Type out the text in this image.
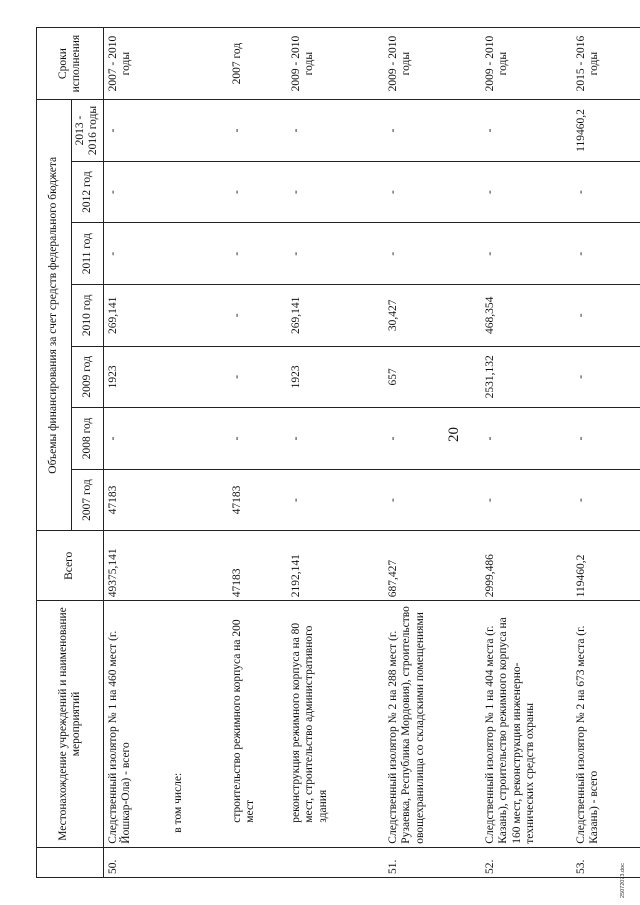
20
	Местонахождение учреждений и наименование мероприятий	Всего	Объемы финансирования за счет средств федерального бюджета							Сроки исполнения

			2007 год	2008 год	2009 год	2010 год	2011 год	2012 год	2013 - 2016 годы	
50.	Следственный изолятор № 1 на 460 мест (г. Йошкар-Ола) - всего	49375,141	47183	-	1923	269,141	-	-	-	2007 - 2010 годы
	в том числе:									
	строительство режимного корпуса на 200 мест	47183	47183	-	-	-	-	-	-	2007 год
	реконструкция режимного корпуса на 80 мест, строительство административного здания	2192,141	-	-	1923	269,141	-	-	-	2009 - 2010 годы
51.	Следственный изолятор № 2 на 288 мест (г. Рузаевка, Республика Мордовия), строительство овощехранилища со складскими помещениями	687,427	-	-	657	30,427	-	-	-	2009 - 2010 годы
52.	Следственный изолятор № 1 на 404 места (г. Казань), строительство режимного корпуса на 160 мест, реконструкция инженерно-технических средств охраны	2999,486	-	-	2531,132	468,354	-	-	-	2009 - 2010 годы
53.	Следственный изолятор № 2 на 673 места (г. Казань) - всего	119460,2	-	-	-	-	-	-	119460,2	2015 - 2016 годы
25072073.doc
